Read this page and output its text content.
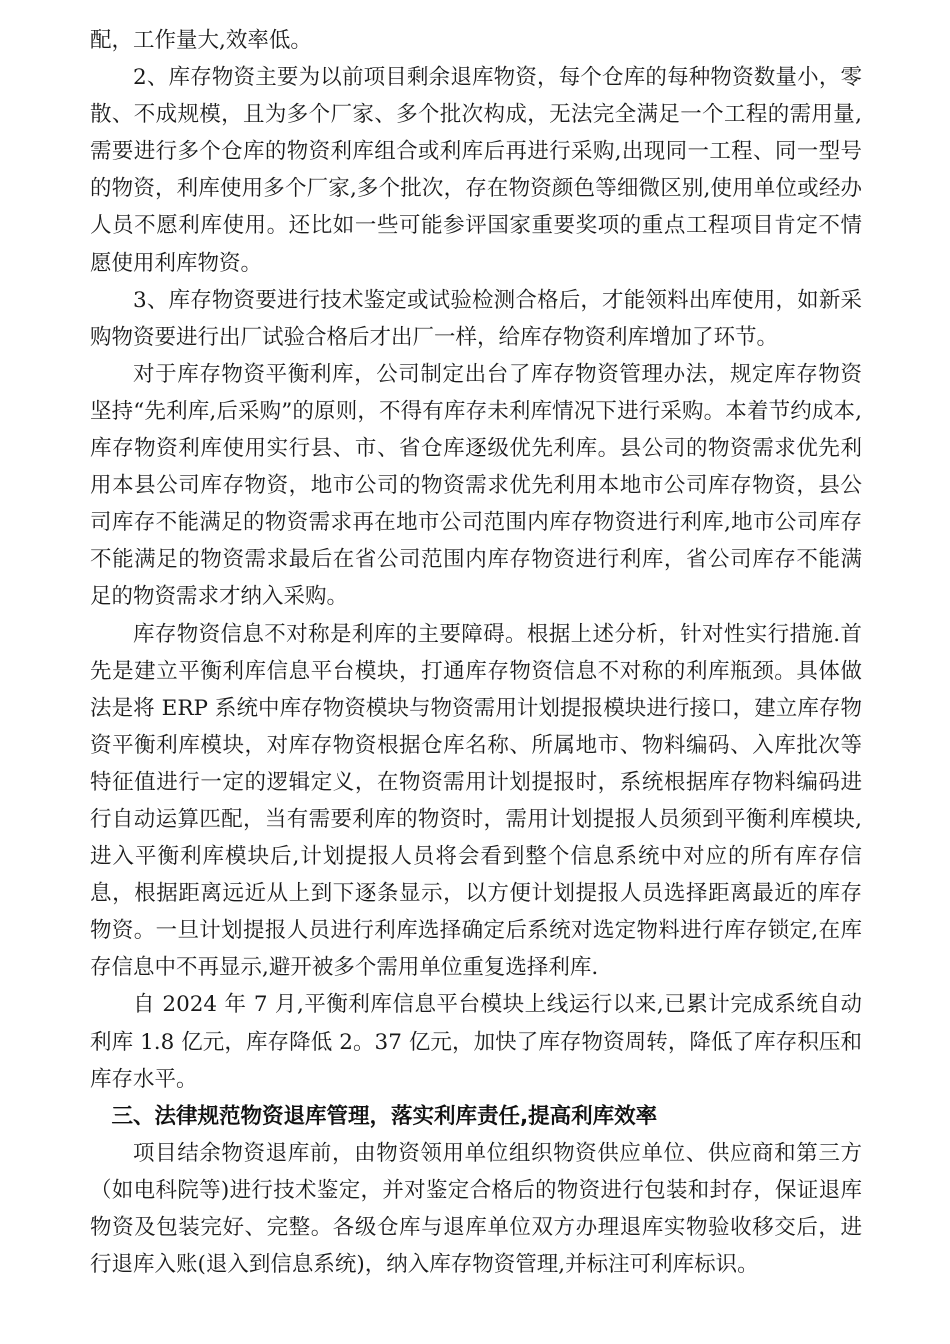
配，工作量大,效率低。

2、库存物资主要为以前项目剩余退库物资，每个仓库的每种物资数量小，零散、不成规模，且为多个厂家、多个批次构成，无法完全满足一个工程的需用量,需要进行多个仓库的物资利库组合或利库后再进行采购,出现同一工程、同一型号的物资，利库使用多个厂家,多个批次，存在物资颜色等细微区别,使用单位或经办人员不愿利库使用。还比如一些可能参评国家重要奖项的重点工程项目肯定不情愿使用利库物资。

3、库存物资要进行技术鉴定或试验检测合格后，才能领料出库使用，如新采购物资要进行出厂试验合格后才出厂一样，给库存物资利库增加了环节。

对于库存物资平衡利库，公司制定出台了库存物资管理办法，规定库存物资坚持“先利库,后采购”的原则，不得有库存未利库情况下进行采购。本着节约成本,库存物资利库使用实行县、市、省仓库逐级优先利库。县公司的物资需求优先利用本县公司库存物资，地市公司的物资需求优先利用本地市公司库存物资，县公司库存不能满足的物资需求再在地市公司范围内库存物资进行利库,地市公司库存不能满足的物资需求最后在省公司范围内库存物资进行利库，省公司库存不能满足的物资需求才纳入采购。

库存物资信息不对称是利库的主要障碍。根据上述分析，针对性实行措施.首先是建立平衡利库信息平台模块，打通库存物资信息不对称的利库瓶颈。具体做法是将 ERP 系统中库存物资模块与物资需用计划提报模块进行接口，建立库存物资平衡利库模块，对库存物资根据仓库名称、所属地市、物料编码、入库批次等特征值进行一定的逻辑定义，在物资需用计划提报时，系统根据库存物料编码进行自动运算匹配，当有需要利库的物资时，需用计划提报人员须到平衡利库模块,进入平衡利库模块后,计划提报人员将会看到整个信息系统中对应的所有库存信息，根据距离远近从上到下逐条显示，以方便计划提报人员选择距离最近的库存物资。一旦计划提报人员进行利库选择确定后系统对选定物料进行库存锁定,在库存信息中不再显示,避开被多个需用单位重复选择利库.

自 2024 年 7 月,平衡利库信息平台模块上线运行以来,已累计完成系统自动利库 1.8 亿元，库存降低 2。37 亿元，加快了库存物资周转，降低了库存积压和库存水平。

三、法律规范物资退库管理，落实利库责任,提高利库效率

项目结余物资退库前，由物资领用单位组织物资供应单位、供应商和第三方（如电科院等)进行技术鉴定，并对鉴定合格后的物资进行包装和封存，保证退库物资及包装完好、完整。各级仓库与退库单位双方办理退库实物验收移交后，进行退库入账(退入到信息系统)，纳入库存物资管理,并标注可利库标识。
